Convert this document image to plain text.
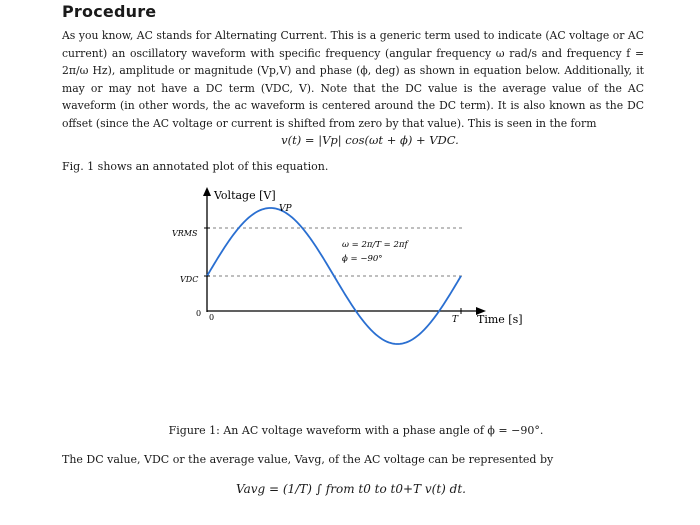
Procedure
As you know, AC stands for Alternating Current. This is a generic term used to indicate (AC voltage or AC current) an oscillatory waveform with specific frequency (angular frequency ω rad/s and frequency f = 2π/ω Hz), amplitude or magnitude (Vp,V) and phase (ϕ, deg) as shown in equation below. Additionally, it may or may not have a DC term (VDC, V). Note that the DC value is the average value of the AC waveform (in other words, the ac waveform is centered around the DC term). It is also known as the DC offset (since the AC voltage or current is shifted from zero by that value). This is seen in the form
v(t) = |Vp| cos(ωt + ϕ) + VDC.
Fig. 1 shows an annotated plot of this equation.
Voltage [V]
VP
VRMS
VDC
0 0	T Time [s]
ω = 2π/T = 2πf
ϕ = −90°
Figure 1: An AC voltage waveform with a phase angle of ϕ = −90°.
The DC value, VDC or the average value, Vavg, of the AC voltage can be represented by
Vavg = (1/T) ∫ from t0 to t0+T v(t) dt.
